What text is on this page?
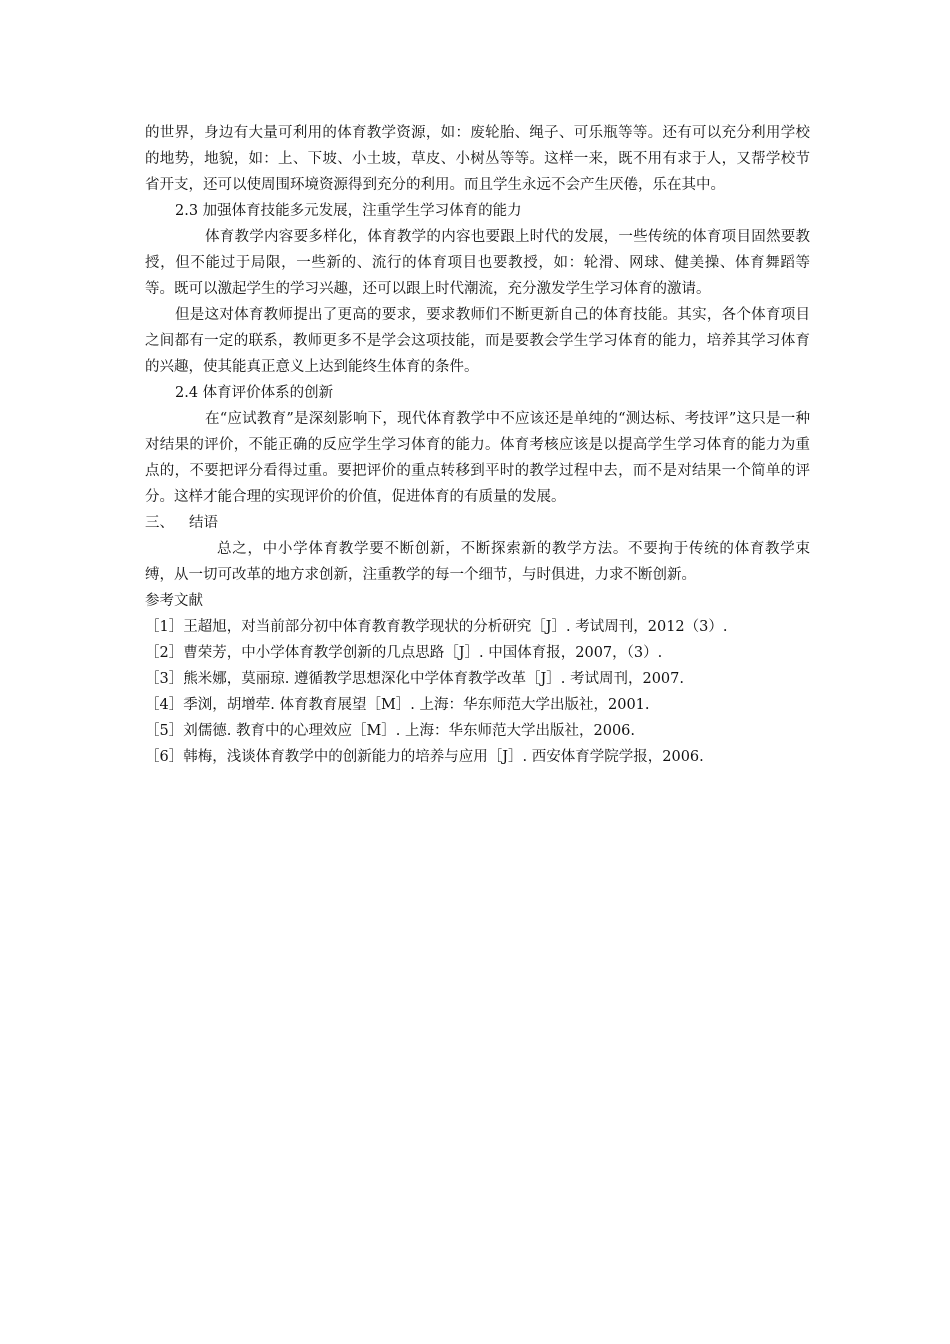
的世界，身边有大量可利用的体育教学资源，如：废轮胎、绳子、可乐瓶等等。还有可以充分利用学校的地势，地貌，如：上、下坡、小土坡，草皮、小树丛等等。这样一来，既不用有求于人，又帮学校节省开支，还可以使周围环境资源得到充分的利用。而且学生永远不会产生厌倦，乐在其中。

2.3 加强体育技能多元发展，注重学生学习体育的能力

体育教学内容要多样化，体育教学的内容也要跟上时代的发展，一些传统的体育项目固然要教授，但不能过于局限，一些新的、流行的体育项目也要教授，如：轮滑、网球、健美操、体育舞蹈等等。既可以激起学生的学习兴趣，还可以跟上时代潮流，充分激发学生学习体育的激请。

但是这对体育教师提出了更高的要求，要求教师们不断更新自己的体育技能。其实，各个体育项目之间都有一定的联系，教师更多不是学会这项技能，而是要教会学生学习体育的能力，培养其学习体育的兴趣，使其能真正意义上达到能终生体育的条件。

2.4 体育评价体系的创新

在“应试教育”是深刻影响下，现代体育教学中不应该还是单纯的“测达标、考技评”这只是一种对结果的评价，不能正确的反应学生学习体育的能力。体育考核应该是以提高学生学习体育的能力为重点的，不要把评分看得过重。要把评价的重点转移到平时的教学过程中去，而不是对结果一个简单的评分。这样才能合理的实现评价的价值，促进体育的有质量的发展。

三、 结语

总之，中小学体育教学要不断创新，不断探索新的教学方法。不要拘于传统的体育教学束缚，从一切可改革的地方求创新，注重教学的每一个细节，与时俱进，力求不断创新。

参考文献

［1］王超旭，对当前部分初中体育教育教学现状的分析研究［J］. 考试周刊，2012（3）.
［2］曹荣芳，中小学体育教学创新的几点思路［J］. 中国体育报，2007，（3）.
［3］熊米娜，莫丽琼. 遵循教学思想深化中学体育教学改革［J］. 考试周刊，2007.
［4］季浏，胡增荦. 体育教育展望［M］. 上海：华东师范大学出版社，2001.
［5］刘儒德. 教育中的心理效应［M］. 上海：华东师范大学出版社，2006.
［6］韩梅，浅谈体育教学中的创新能力的培养与应用［J］. 西安体育学院学报，2006.
